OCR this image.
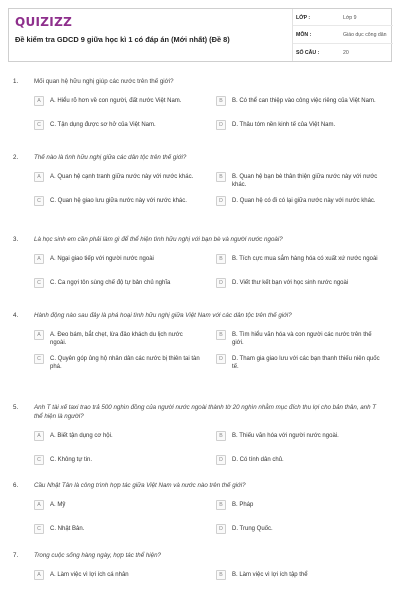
QUIZIZZ
Đề kiểm tra GDCD 9 giữa học kì 1 có đáp án (Mới nhất) (Đề 8)
LỚP :	Lớp 9
MÔN :	Giáo dục công dân
SỐ CÂU :	20
1.	Mối quan hệ hữu nghị giúp các nước trên thế giới?
A	A. Hiểu rõ hơn về con người, đất nước Việt Nam.	B	B. Có thể can thiệp vào công việc riêng của Việt Nam.
C	C. Tận dụng được sơ hở của Việt Nam.	D	D. Thâu tóm nền kinh tế của Việt Nam.
2.	Thế nào là tình hữu nghị giữa các dân tộc trên thế giới?
A	A. Quan hệ cạnh tranh giữa nước này với nước khác.	B	B. Quan hệ bạn bè thân thiện giữa nước này với nước khác.
C	C. Quan hệ giao lưu giữa nước này với nước khác.	D	D. Quan hệ có đi có lại giữa nước này với nước khác.
3.	Là học sinh em cần phải làm gì để thể hiện tình hữu nghị với bạn bè và người nước ngoài?
A	A. Ngại giao tiếp với người nước ngoài	B	B. Tích cực mua sắm hàng hóa có xuất xứ nước ngoài
C	C. Ca ngợi tôn sùng chế độ tự bản chủ nghĩa	D	D. Viết thư kết bạn với học sinh nước ngoài
4.	Hành động nào sau đây là phá hoại tình hữu nghị giữa Việt Nam với các dân tộc trên thế giới?
A	A. Đeo bám, bắt chẹt, lừa đảo khách du lịch nước ngoài.
B	B. Tìm hiểu văn hóa và con người các nước trên thế giới.
C	C. Quyên góp ủng hộ nhân dân các nước bị thiên tai tàn phá.
D	D. Tham gia giao lưu với các bạn thanh thiếu niên quốc tế.
5.	Anh T tài xế taxi trao trả 500 nghìn đồng của người nước ngoài thành tờ 20 nghìn nhằm mục đích thu lợi cho bản thân, anh T thể hiện là người?
A	A. Biết tận dụng cơ hội.	B	B. Thiếu văn hóa với người nước ngoài.
C	C. Không tự tin.	D	D. Có tính dân chủ.
6.	Cầu Nhật Tân là công trình hợp tác giữa Việt Nam và nước nào trên thế giới?
A	A. Mỹ	B	B. Pháp
C	C. Nhật Bản.	D	D. Trung Quốc.
7.	Trong cuộc sống hàng ngày, hợp tác thể hiện?
A	A. Làm việc vì lợi ích cá nhân	B	B. Làm việc vì lợi ích tập thể
